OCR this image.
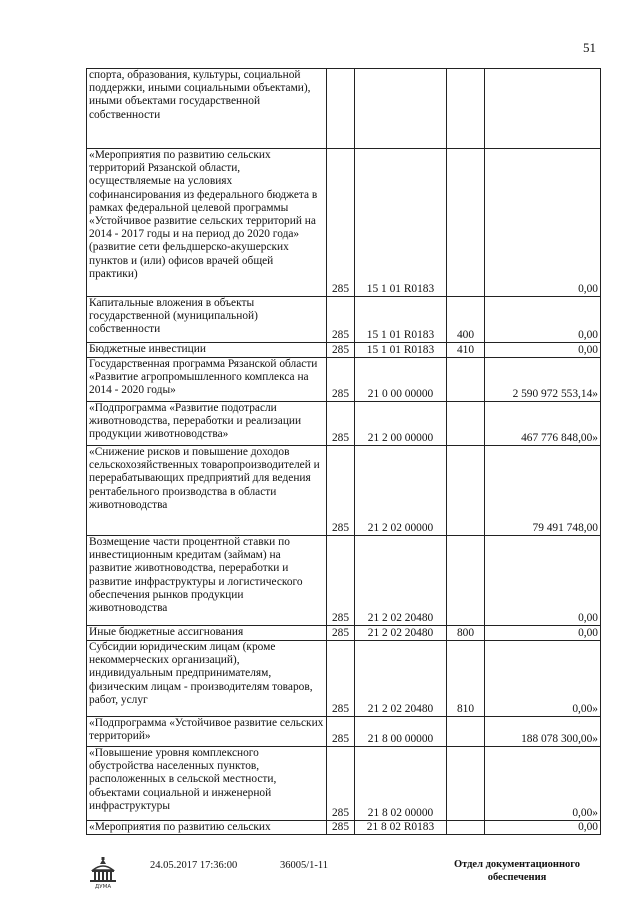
51
спорта, образования, культуры, социальной поддержки, иными социальными объектами), иными объектами государственной собственности				
«Мероприятия по развитию сельских территорий Рязанской области, осуществляемые на условиях софинансирования из федерального бюджета в рамках федеральной целевой программы «Устойчивое развитие сельских территорий на 2014 - 2017 годы и на период до 2020 года» (развитие сети фельдшерско-акушерских пунктов и (или) офисов врачей общей практики)	285	15 1 01 R0183		0,00
Капитальные вложения в объекты государственной (муниципальной) собственности	285	15 1 01 R0183	400	0,00
Бюджетные инвестиции	285	15 1 01 R0183	410	0,00
Государственная программа Рязанской области «Развитие агропромышленного комплекса на 2014 - 2020 годы»	285	21 0 00 00000		2 590 972 553,14»
«Подпрограмма «Развитие подотрасли животноводства, переработки и реализации продукции животноводства»	285	21 2 00 00000		467 776 848,00»
«Снижение рисков и повышение доходов сельскохозяйственных товаропроизводителей и перерабатывающих предприятий для ведения рентабельного производства в области животноводства	285	21 2 02 00000		79 491 748,00
Возмещение части процентной ставки по инвестиционным кредитам (займам) на развитие животноводства, переработки и развитие инфраструктуры и логистического обеспечения рынков продукции животноводства	285	21 2 02 20480		0,00
Иные бюджетные ассигнования	285	21 2 02 20480	800	0,00
Субсидии юридическим лицам (кроме некоммерческих организаций), индивидуальным предпринимателям, физическим лицам - производителям товаров, работ, услуг	285	21 2 02 20480	810	0,00»
«Подпрограмма «Устойчивое развитие сельских территорий»	285	21 8 00 00000		188 078 300,00»
«Повышение уровня комплексного обустройства населенных пунктов, расположенных в сельской местности, объектами социальной и инженерной инфраструктуры	285	21 8 02 00000		0,00»
«Мероприятия по развитию сельских	285	21 8 02 R0183		0,00
ДУМА
24.05.2017 17:36:00	36005/1-11	Отдел документационного
обеспечения
